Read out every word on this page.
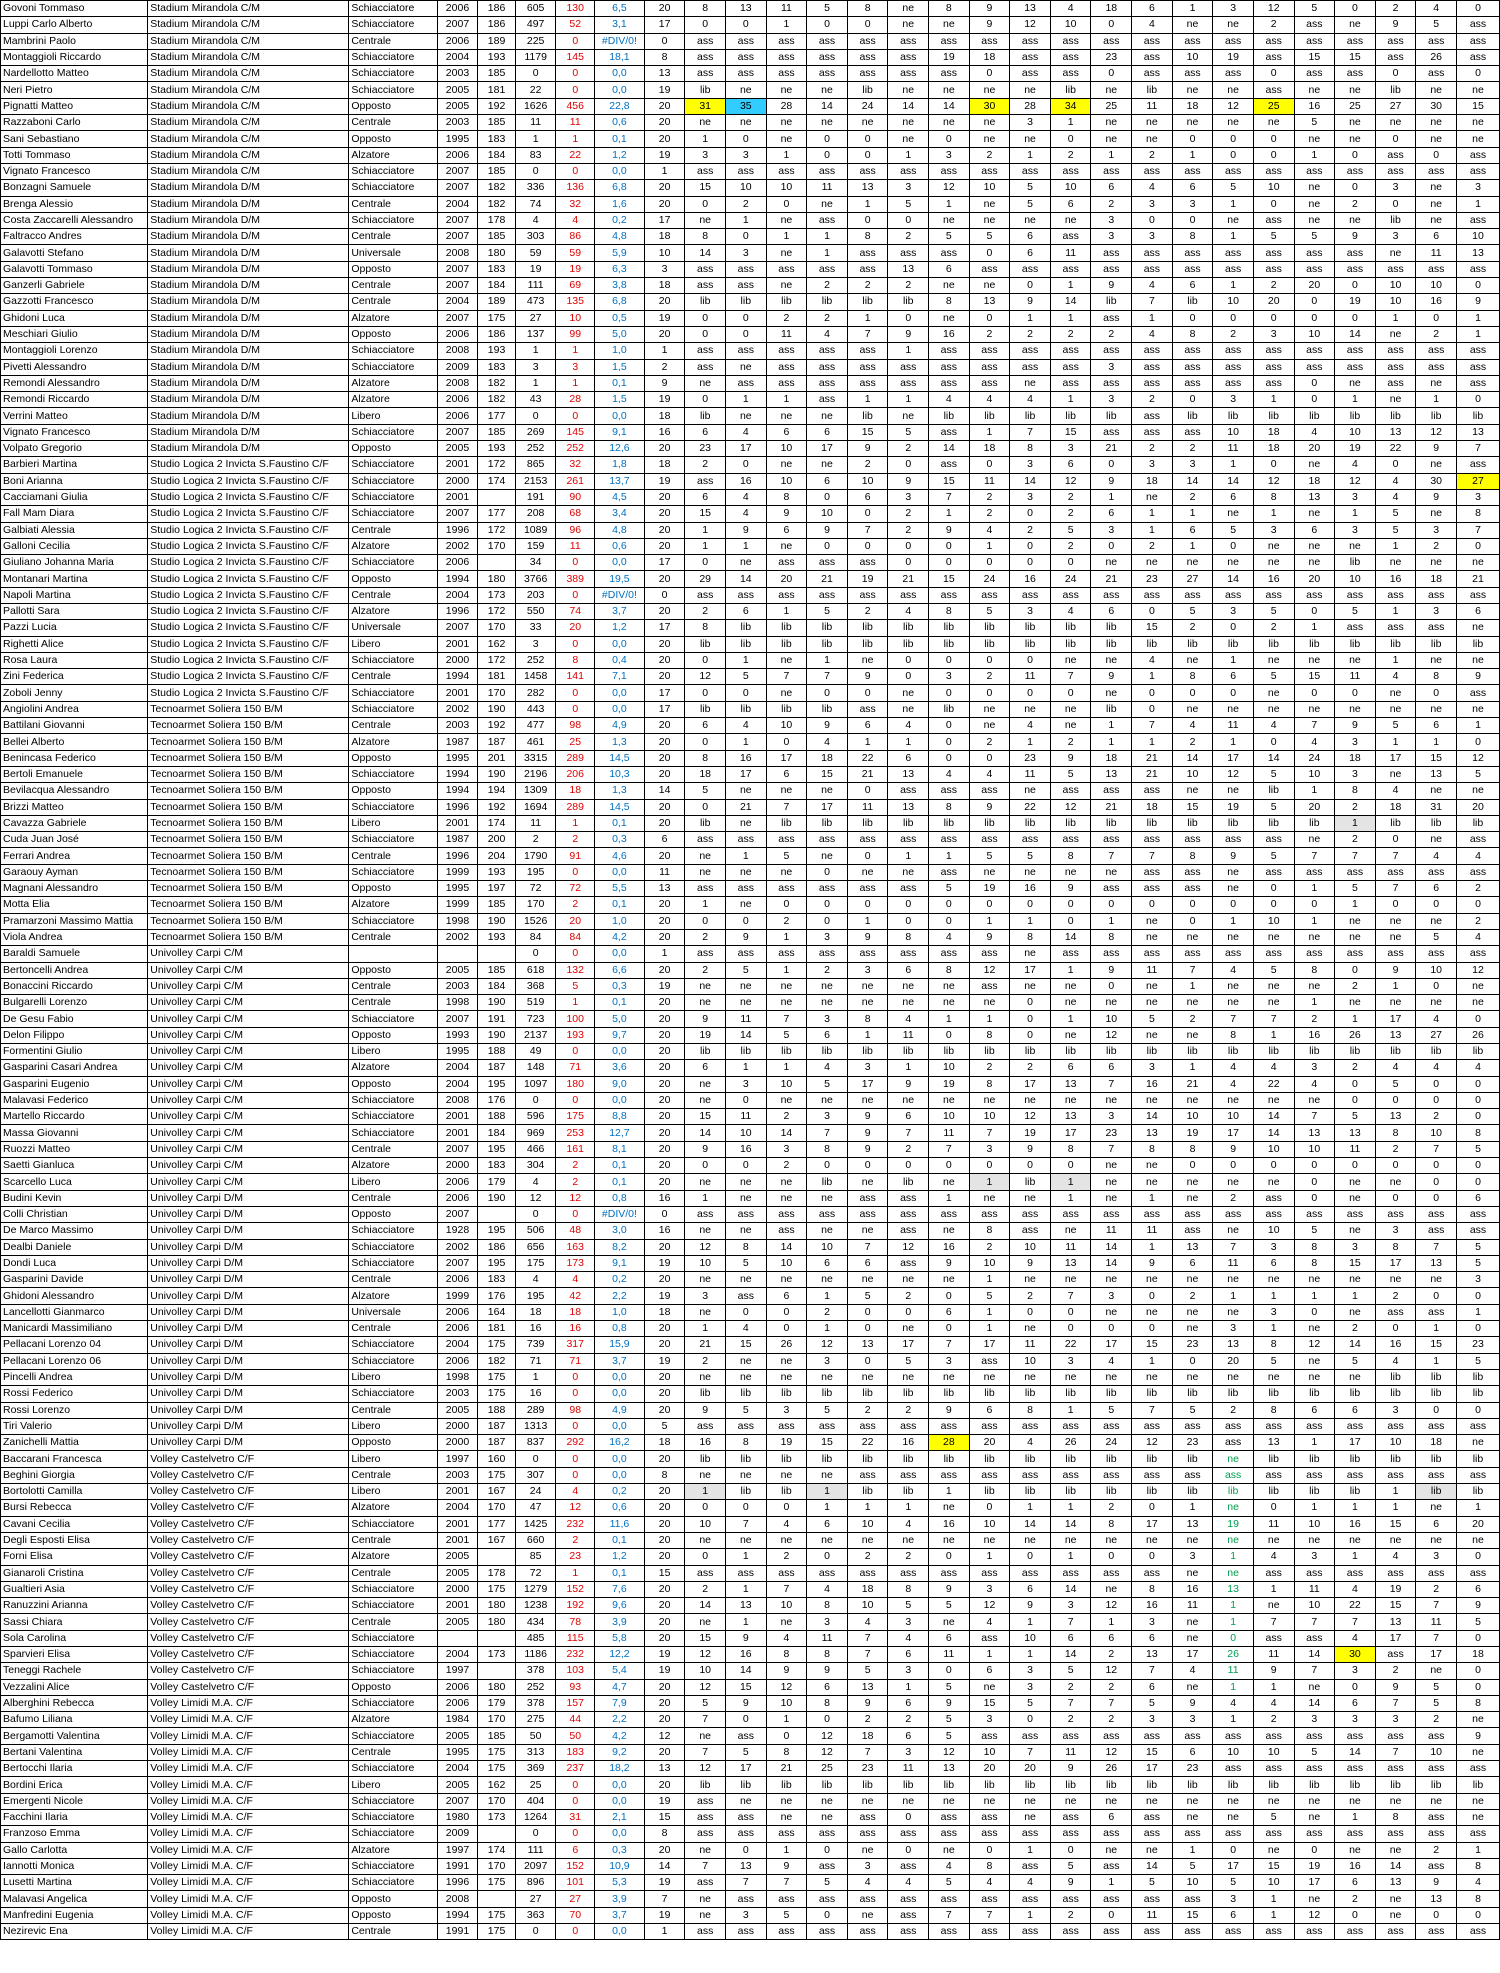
Govoni Tommaso	Stadium Mirandola C/M	Schiacciatore	2006	186	605	130	6,5	20	8	13	11	5	8	ne	8	9	13	4	18	6	1	3	12	5	0	2	4	0
Luppi Carlo Alberto	Stadium Mirandola C/M	Schiacciatore	2007	186	497	52	3,1	17	0	0	1	0	0	ne	ne	9	12	10	0	4	ne	ne	2	ass	ne	9	5	ass
Mambrini Paolo	Stadium Mirandola C/M	Centrale	2006	189	225	0	#DIV/0!	0	ass	ass	ass	ass	ass	ass	ass	ass	ass	ass	ass	ass	ass	ass	ass	ass	ass	ass	ass	ass
Montaggioli Riccardo	Stadium Mirandola C/M	Schiacciatore	2004	193	1179	145	18,1	8	ass	ass	ass	ass	ass	ass	19	18	ass	ass	23	ass	10	19	ass	15	15	ass	26	ass
Nardellotto Matteo	Stadium Mirandola C/M	Schiacciatore	2003	185	0	0	0,0	13	ass	ass	ass	ass	ass	ass	ass	0	ass	ass	0	ass	ass	ass	0	ass	ass	0	ass	0
Neri Pietro	Stadium Mirandola C/M	Schiacciatore	2005	181	22	0	0,0	19	lib	ne	ne	ne	lib	ne	ne	ne	ne	lib	ne	lib	ne	ne	ass	ne	ne	lib	ne	ne
Pignatti Matteo	Stadium Mirandola C/M	Opposto	2005	192	1626	456	22,8	20	31	35	28	14	24	14	14	30	28	34	25	11	18	12	25	16	25	27	30	15
Razzaboni Carlo	Stadium Mirandola C/M	Centrale	2003	185	11	11	0,6	20	ne	ne	ne	ne	ne	ne	ne	ne	3	1	ne	ne	ne	ne	ne	5	ne	ne	ne	ne
Sani Sebastiano	Stadium Mirandola C/M	Opposto	1995	183	1	1	0,1	20	1	0	ne	0	0	ne	0	ne	ne	0	ne	ne	0	0	0	ne	ne	0	ne	ne
Totti Tommaso	Stadium Mirandola C/M	Alzatore	2006	184	83	22	1,2	19	3	3	1	0	0	1	3	2	1	2	1	2	1	0	0	1	0	ass	0	ass
Vignato Francesco	Stadium Mirandola C/M	Schiacciatore	2007	185	0	0	0,0	1	ass	ass	ass	ass	ass	ass	ass	ass	ass	ass	ass	ass	ass	ass	ass	ass	ass	ass	ass	ass
Bonzagni Samuele	Stadium Mirandola D/M	Schiacciatore	2007	182	336	136	6,8	20	15	10	10	11	13	3	12	10	5	10	6	4	6	5	10	ne	0	3	ne	3
Brenga Alessio	Stadium Mirandola D/M	Centrale	2004	182	74	32	1,6	20	0	2	0	ne	1	5	1	ne	5	6	2	3	3	1	0	ne	2	0	ne	1
Costa Zaccarelli Alessandro	Stadium Mirandola D/M	Schiacciatore	2007	178	4	4	0,2	17	ne	1	ne	ass	0	0	ne	ne	ne	ne	3	0	0	ne	ass	ne	ne	lib	ne	ass
Faltracco Andres	Stadium Mirandola D/M	Centrale	2007	185	303	86	4,8	18	8	0	1	1	8	2	5	5	6	ass	3	3	8	1	5	5	9	3	6	10
Galavotti Stefano	Stadium Mirandola D/M	Universale	2008	180	59	59	5,9	10	14	3	ne	1	ass	ass	ass	0	6	11	ass	ass	ass	ass	ass	ass	ass	ne	11	13
Galavotti Tommaso	Stadium Mirandola D/M	Opposto	2007	183	19	19	6,3	3	ass	ass	ass	ass	ass	13	6	ass	ass	ass	ass	ass	ass	ass	ass	ass	ass	ass	ass	ass
Ganzerli Gabriele	Stadium Mirandola D/M	Centrale	2007	184	111	69	3,8	18	ass	ass	ne	2	2	2	ne	ne	0	1	9	4	6	1	2	20	0	10	10	0
Gazzotti Francesco	Stadium Mirandola D/M	Centrale	2004	189	473	135	6,8	20	lib	lib	lib	lib	lib	lib	8	13	9	14	lib	7	lib	10	20	0	19	10	16	9
Ghidoni Luca	Stadium Mirandola D/M	Alzatore	2007	175	27	10	0,5	19	0	0	2	2	1	0	ne	0	1	1	ass	1	0	0	0	0	0	1	0	1
Meschiari Giulio	Stadium Mirandola D/M	Opposto	2006	186	137	99	5,0	20	0	0	11	4	7	9	16	2	2	2	2	4	8	2	3	10	14	ne	2	1
Montaggioli Lorenzo	Stadium Mirandola D/M	Schiacciatore	2008	193	1	1	1,0	1	ass	ass	ass	ass	ass	1	ass	ass	ass	ass	ass	ass	ass	ass	ass	ass	ass	ass	ass	ass
Pivetti Alessandro	Stadium Mirandola D/M	Schiacciatore	2009	183	3	3	1,5	2	ass	ne	ass	ass	ass	ass	ass	ass	ass	ass	3	ass	ass	ass	ass	ass	ass	ass	ass	ass
Remondi Alessandro	Stadium Mirandola D/M	Alzatore	2008	182	1	1	0,1	9	ne	ass	ass	ass	ass	ass	ass	ass	ne	ass	ass	ass	ass	ass	ass	0	ne	ass	ne	ass
Remondi Riccardo	Stadium Mirandola D/M	Alzatore	2006	182	43	28	1,5	19	0	1	1	ass	1	1	4	4	4	1	3	2	0	3	1	0	1	ne	1	0
Verrini Matteo	Stadium Mirandola D/M	Libero	2006	177	0	0	0,0	18	lib	ne	ne	ne	lib	ne	lib	lib	lib	lib	lib	ass	lib	lib	lib	lib	lib	lib	lib	lib
Vignato Francesco	Stadium Mirandola D/M	Schiacciatore	2007	185	269	145	9,1	16	6	4	6	6	15	5	ass	1	7	15	ass	ass	ass	10	18	4	10	13	12	13
Volpato Gregorio	Stadium Mirandola D/M	Opposto	2005	193	252	252	12,6	20	23	17	10	17	9	2	14	18	8	3	21	2	2	11	18	20	19	22	9	7
Barbieri Martina	Studio Logica 2 Invicta S.Faustino C/F	Schiacciatore	2001	172	865	32	1,8	18	2	0	ne	ne	2	0	ass	0	3	6	0	3	3	1	0	ne	4	0	ne	ass
Boni Arianna	Studio Logica 2 Invicta S.Faustino C/F	Schiacciatore	2000	174	2153	261	13,7	19	ass	16	10	6	10	9	15	11	14	12	9	18	14	14	12	18	12	4	30	27
Cacciamani Giulia	Studio Logica 2 Invicta S.Faustino C/F	Schiacciatore	2001		191	90	4,5	20	6	4	8	0	6	3	7	2	3	2	1	ne	2	6	8	13	3	4	9	3
Fall Mam Diara	Studio Logica 2 Invicta S.Faustino C/F	Schiacciatore	2007	177	208	68	3,4	20	15	4	9	10	0	2	1	2	0	2	6	1	1	ne	1	ne	1	5	ne	8
Galbiati Alessia	Studio Logica 2 Invicta S.Faustino C/F	Centrale	1996	172	1089	96	4,8	20	1	9	6	9	7	2	9	4	2	5	3	1	6	5	3	6	3	5	3	7
Galloni Cecilia	Studio Logica 2 Invicta S.Faustino C/F	Alzatore	2002	170	159	11	0,6	20	1	1	ne	0	0	0	0	1	0	2	0	2	1	0	ne	ne	ne	1	2	0
Giuliano Johanna Maria	Studio Logica 2 Invicta S.Faustino C/F	Schiacciatore	2006		34	0	0,0	17	0	ne	ass	ass	ass	0	0	0	0	0	ne	ne	ne	ne	ne	ne	lib	ne	ne	ne
Montanari Martina	Studio Logica 2 Invicta S.Faustino C/F	Opposto	1994	180	3766	389	19,5	20	29	14	20	21	19	21	15	24	16	24	21	23	27	14	16	20	10	16	18	21
Napoli Martina	Studio Logica 2 Invicta S.Faustino C/F	Centrale	2004	173	203	0	#DIV/0!	0	ass	ass	ass	ass	ass	ass	ass	ass	ass	ass	ass	ass	ass	ass	ass	ass	ass	ass	ass	ass
Pallotti Sara	Studio Logica 2 Invicta S.Faustino C/F	Alzatore	1996	172	550	74	3,7	20	2	6	1	5	2	4	8	5	3	4	6	0	5	3	5	0	5	1	3	6
Pazzi Lucia	Studio Logica 2 Invicta S.Faustino C/F	Universale	2007	170	33	20	1,2	17	8	lib	lib	lib	lib	lib	lib	lib	lib	lib	lib	15	2	0	2	1	ass	ass	ass	ne
Righetti Alice	Studio Logica 2 Invicta S.Faustino C/F	Libero	2001	162	3	0	0,0	20	lib	lib	lib	lib	lib	lib	lib	lib	lib	lib	lib	lib	lib	lib	lib	lib	lib	lib	lib	lib
Rosa Laura	Studio Logica 2 Invicta S.Faustino C/F	Schiacciatore	2000	172	252	8	0,4	20	0	1	ne	1	ne	0	0	0	0	ne	ne	4	ne	1	ne	ne	ne	1	ne	ne
Zini Federica	Studio Logica 2 Invicta S.Faustino C/F	Centrale	1994	181	1458	141	7,1	20	12	5	7	7	9	0	3	2	11	7	9	1	8	6	5	15	11	4	8	9
Zoboli Jenny	Studio Logica 2 Invicta S.Faustino C/F	Schiacciatore	2001	170	282	0	0,0	17	0	0	ne	0	0	ne	0	0	0	0	ne	0	0	0	ne	0	0	ne	0	ass
Angiolini Andrea	Tecnoarmet Soliera 150 B/M	Schiacciatore	2002	190	443	0	0,0	17	lib	lib	lib	lib	ass	ne	lib	ne	ne	ne	lib	0	ne	ne	ne	ne	ne	ne	ne	ne
Battilani Giovanni	Tecnoarmet Soliera 150 B/M	Centrale	2003	192	477	98	4,9	20	6	4	10	9	6	4	0	ne	4	ne	1	7	4	11	4	7	9	5	6	1
Bellei Alberto	Tecnoarmet Soliera 150 B/M	Alzatore	1987	187	461	25	1,3	20	0	1	0	4	1	1	0	2	1	2	1	1	2	1	0	4	3	1	1	0
Benincasa Federico	Tecnoarmet Soliera 150 B/M	Opposto	1995	201	3315	289	14,5	20	8	16	17	18	22	6	0	0	23	9	18	21	14	17	14	24	18	17	15	12
Bertoli Emanuele	Tecnoarmet Soliera 150 B/M	Schiacciatore	1994	190	2196	206	10,3	20	18	17	6	15	21	13	4	4	11	5	13	21	10	12	5	10	3	ne	13	5
Bevilacqua Alessandro	Tecnoarmet Soliera 150 B/M	Opposto	1994	194	1309	18	1,3	14	5	ne	ne	ne	0	ass	ass	ass	ne	ass	ass	ass	ne	ne	lib	1	8	4	ne	ne
Brizzi Matteo	Tecnoarmet Soliera 150 B/M	Schiacciatore	1996	192	1694	289	14,5	20	0	21	7	17	11	13	8	9	22	12	21	18	15	19	5	20	2	18	31	20
Cavazza Gabriele	Tecnoarmet Soliera 150 B/M	Libero	2001	174	11	1	0,1	20	lib	ne	lib	lib	lib	lib	lib	lib	lib	lib	lib	lib	lib	lib	lib	lib	1	lib	lib	lib
Cuda Juan José	Tecnoarmet Soliera 150 B/M	Schiacciatore	1987	200	2	2	0,3	6	ass	ass	ass	ass	ass	ass	ass	ass	ass	ass	ass	ass	ass	ass	ass	ne	2	0	ne	ass
Ferrari Andrea	Tecnoarmet Soliera 150 B/M	Centrale	1996	204	1790	91	4,6	20	ne	1	5	ne	0	1	1	5	5	8	7	7	8	9	5	7	7	7	4	4
Garaouy Ayman	Tecnoarmet Soliera 150 B/M	Schiacciatore	1999	193	195	0	0,0	11	ne	ne	ne	0	ne	ne	ass	ne	ne	ne	ne	ass	ass	ne	ass	ass	ass	ass	ass	ass
Magnani Alessandro	Tecnoarmet Soliera 150 B/M	Opposto	1995	197	72	72	5,5	13	ass	ass	ass	ass	ass	ass	5	19	16	9	ass	ass	ass	ne	0	1	5	7	6	2
Motta Elia	Tecnoarmet Soliera 150 B/M	Alzatore	1999	185	170	2	0,1	20	1	ne	0	0	0	0	0	0	0	0	0	0	0	0	0	0	1	0	0	0
Pramarzoni Massimo Mattia	Tecnoarmet Soliera 150 B/M	Schiacciatore	1998	190	1526	20	1,0	20	0	0	2	0	1	0	0	1	1	0	1	ne	0	1	10	1	ne	ne	ne	2
Viola Andrea	Tecnoarmet Soliera 150 B/M	Centrale	2002	193	84	84	4,2	20	2	9	1	3	9	8	4	9	8	14	8	ne	ne	ne	ne	ne	ne	ne	5	4
Baraldi Samuele	Univolley Carpi C/M				0	0	0,0	1	ass	ass	ass	ass	ass	ass	ass	ass	ne	ass	ass	ass	ass	ass	ass	ass	ass	ass	ass	ass
Bertoncelli Andrea	Univolley Carpi C/M	Opposto	2005	185	618	132	6,6	20	2	5	1	2	3	6	8	12	17	1	9	11	7	4	5	8	0	9	10	12
Bonaccini Riccardo	Univolley Carpi C/M	Centrale	2003	184	368	5	0,3	19	ne	ne	ne	ne	ne	ne	ne	ass	ne	ne	0	ne	1	ne	ne	ne	2	1	0	ne
Bulgarelli Lorenzo	Univolley Carpi C/M	Centrale	1998	190	519	1	0,1	20	ne	ne	ne	ne	ne	ne	ne	ne	0	ne	ne	ne	ne	ne	ne	1	ne	ne	ne	ne
De Gesu Fabio	Univolley Carpi C/M	Schiacciatore	2007	191	723	100	5,0	20	9	11	7	3	8	4	1	1	0	1	10	5	2	7	7	2	1	17	4	0
Delon Filippo	Univolley Carpi C/M	Opposto	1993	190	2137	193	9,7	20	19	14	5	6	1	11	0	8	0	ne	12	ne	ne	8	1	16	26	13	27	26
Formentini Giulio	Univolley Carpi C/M	Libero	1995	188	49	0	0,0	20	lib	lib	lib	lib	lib	lib	lib	lib	lib	lib	lib	lib	lib	lib	lib	lib	lib	lib	lib	lib
Gasparini Casari Andrea	Univolley Carpi C/M	Alzatore	2004	187	148	71	3,6	20	6	1	1	4	3	1	10	2	2	6	6	3	1	4	4	3	2	4	4	4
Gasparini Eugenio	Univolley Carpi C/M	Opposto	2004	195	1097	180	9,0	20	ne	3	10	5	17	9	19	8	17	13	7	16	21	4	22	4	0	5	0	0
Malavasi Federico	Univolley Carpi C/M	Schiacciatore	2008	176	0	0	0,0	20	ne	0	ne	ne	ne	ne	ne	ne	ne	ne	ne	ne	ne	ne	ne	ne	0	0	0	0
Martello Riccardo	Univolley Carpi C/M	Schiacciatore	2001	188	596	175	8,8	20	15	11	2	3	9	6	10	10	12	13	3	14	10	10	14	7	5	13	2	0
Massa Giovanni	Univolley Carpi C/M	Schiacciatore	2001	184	969	253	12,7	20	14	10	14	7	9	7	11	7	19	17	23	13	19	17	14	13	13	8	10	8
Ruozzi Matteo	Univolley Carpi C/M	Centrale	2007	195	466	161	8,1	20	9	16	3	8	9	2	7	3	9	8	7	8	8	9	10	10	11	2	7	5
Saetti Gianluca	Univolley Carpi C/M	Alzatore	2000	183	304	2	0,1	20	0	0	2	0	0	0	0	0	0	0	ne	ne	0	0	0	0	0	0	0	0
Scarcello Luca	Univolley Carpi C/M	Libero	2006	179	4	2	0,1	20	ne	ne	ne	lib	ne	lib	ne	1	lib	1	ne	ne	ne	ne	ne	0	ne	ne	0	0
Budini Kevin	Univolley Carpi D/M	Centrale	2006	190	12	12	0,8	16	1	ne	ne	ne	ass	ass	1	ne	ne	1	ne	1	ne	2	ass	0	ne	0	0	6
Colli Christian	Univolley Carpi D/M	Opposto	2007		0	0	#DIV/0!	0	ass	ass	ass	ass	ass	ass	ass	ass	ass	ass	ass	ass	ass	ass	ass	ass	ass	ass	ass	ass
De Marco Massimo	Univolley Carpi D/M	Schiacciatore	1928	195	506	48	3,0	16	ne	ne	ass	ne	ne	ass	ne	8	ass	ne	11	11	ass	ne	10	5	ne	3	ass	ass
Dealbi Daniele	Univolley Carpi D/M	Schiacciatore	2002	186	656	163	8,2	20	12	8	14	10	7	12	16	2	10	11	14	1	13	7	3	8	3	8	7	5
Dondi Luca	Univolley Carpi D/M	Schiacciatore	2007	195	175	173	9,1	19	10	5	10	6	6	ass	9	10	9	13	14	9	6	11	6	8	15	17	13	5
Gasparini Davide	Univolley Carpi D/M	Centrale	2006	183	4	4	0,2	20	ne	ne	ne	ne	ne	ne	ne	1	ne	ne	ne	ne	ne	ne	ne	ne	ne	ne	ne	3
Ghidoni Alessandro	Univolley Carpi D/M	Alzatore	1999	176	195	42	2,2	19	3	ass	6	1	5	2	0	5	2	7	3	0	2	1	1	1	1	2	0	0
Lancellotti Gianmarco	Univolley Carpi D/M	Universale	2006	164	18	18	1,0	18	ne	0	0	2	0	0	6	1	0	0	ne	ne	ne	ne	3	0	ne	ass	ass	1
Manicardi Massimiliano	Univolley Carpi D/M	Centrale	2006	181	16	16	0,8	20	1	4	0	1	0	ne	0	1	ne	0	0	0	ne	3	1	ne	2	0	1	0
Pellacani Lorenzo 04	Univolley Carpi D/M	Schiacciatore	2004	175	739	317	15,9	20	21	15	26	12	13	17	7	17	11	22	17	15	23	13	8	12	14	16	15	23
Pellacani Lorenzo 06	Univolley Carpi D/M	Schiacciatore	2006	182	71	71	3,7	19	2	ne	ne	3	0	5	3	ass	10	3	4	1	0	20	5	ne	5	4	1	5
Pincelli Andrea	Univolley Carpi D/M	Libero	1998	175	1	0	0,0	20	ne	ne	ne	ne	ne	ne	ne	ne	ne	ne	ne	ne	ne	ne	ne	ne	ne	lib	lib	lib
Rossi Federico	Univolley Carpi D/M	Schiacciatore	2003	175	16	0	0,0	20	lib	lib	lib	lib	lib	lib	lib	lib	lib	lib	lib	lib	lib	lib	lib	lib	lib	lib	lib	lib
Rossi Lorenzo	Univolley Carpi D/M	Centrale	2005	188	289	98	4,9	20	9	5	3	5	2	2	9	6	8	1	5	7	5	2	8	6	6	3	0	0
Tiri Valerio	Univolley Carpi D/M	Libero	2000	187	1313	0	0,0	5	ass	ass	ass	ass	ass	ass	ass	ass	ass	ass	ass	ass	ass	ass	ass	ass	ass	ass	ass	ass
Zanichelli Mattia	Univolley Carpi D/M	Opposto	2000	187	837	292	16,2	18	16	8	19	15	22	16	28	20	4	26	24	12	23	ass	13	1	17	10	18	ne
Baccarani Francesca	Volley Castelvetro C/F	Libero	1997	160	0	0	0,0	20	lib	lib	lib	lib	lib	lib	lib	lib	lib	lib	lib	lib	lib	ne	lib	lib	lib	lib	lib	lib
Beghini Giorgia	Volley Castelvetro C/F	Centrale	2003	175	307	0	0,0	8	ne	ne	ne	ne	ass	ass	ass	ass	ass	ass	ass	ass	ass	ass	ass	ass	ass	ass	ass	ass
Bortolotti Camilla	Volley Castelvetro C/F	Libero	2001	167	24	4	0,2	20	1	lib	lib	1	lib	lib	1	lib	lib	lib	lib	lib	lib	lib	lib	lib	lib	1	lib	lib
Bursi Rebecca	Volley Castelvetro C/F	Alzatore	2004	170	47	12	0,6	20	0	0	0	1	1	1	ne	0	1	1	2	0	1	ne	0	1	1	1	ne	1
Cavani Cecilia	Volley Castelvetro C/F	Schiacciatore	2001	177	1425	232	11,6	20	10	7	4	6	10	4	16	10	14	14	8	17	13	19	11	10	16	15	6	20
Degli Esposti Elisa	Volley Castelvetro C/F	Centrale	2001	167	660	2	0,1	20	ne	ne	ne	ne	ne	ne	ne	ne	ne	ne	ne	ne	ne	ne	ne	ne	ne	ne	ne	ne
Forni Elisa	Volley Castelvetro C/F	Alzatore	2005		85	23	1,2	20	0	1	2	0	2	2	0	1	0	1	0	0	3	1	4	3	1	4	3	0
Gianaroli Cristina	Volley Castelvetro C/F	Centrale	2005	178	72	1	0,1	15	ass	ass	ass	ass	ass	ass	ass	ass	ass	ass	ass	ass	ne	ne	ass	ass	ass	ass	ass	ass
Gualtieri Asia	Volley Castelvetro C/F	Schiacciatore	2000	175	1279	152	7,6	20	2	1	7	4	18	8	9	3	6	14	ne	8	16	13	1	11	4	19	2	6
Ranuzzini Arianna	Volley Castelvetro C/F	Schiacciatore	2001	180	1238	192	9,6	20	14	13	10	8	10	5	5	12	9	3	12	16	11	1	ne	10	22	15	7	9
Sassi Chiara	Volley Castelvetro C/F	Centrale	2005	180	434	78	3,9	20	ne	1	ne	3	4	3	ne	4	1	7	1	3	ne	1	7	7	7	13	11	5
Sola Carolina	Volley Castelvetro C/F	Schiacciatore			485	115	5,8	20	15	9	4	11	7	4	6	ass	10	6	6	6	ne	0	ass	ass	4	17	7	0
Sparvieri Elisa	Volley Castelvetro C/F	Schiacciatore	2004	173	1186	232	12,2	19	12	16	8	8	7	6	11	1	1	14	2	13	17	26	11	14	30	ass	17	18
Teneggi Rachele	Volley Castelvetro C/F	Schiacciatore	1997		378	103	5,4	19	10	14	9	9	5	3	0	6	3	5	12	7	4	11	9	7	3	2	ne	0
Vezzalini Alice	Volley Castelvetro C/F	Opposto	2006	180	252	93	4,7	20	12	15	12	6	13	1	5	ne	3	2	2	6	ne	1	1	ne	0	9	5	0
Alberghini Rebecca	Volley Limidi M.A. C/F	Schiacciatore	2006	179	378	157	7,9	20	5	9	10	8	9	6	9	15	5	7	7	5	9	4	4	14	6	7	5	8
Bafumo Liliana	Volley Limidi M.A. C/F	Alzatore	1984	170	275	44	2,2	20	7	0	1	0	2	2	5	3	0	2	2	3	3	1	2	3	3	3	2	ne
Bergamotti Valentina	Volley Limidi M.A. C/F	Schiacciatore	2005	185	50	50	4,2	12	ne	ass	0	12	18	6	5	ass	ass	ass	ass	ass	ass	ass	ass	ass	ass	ass	ass	9
Bertani Valentina	Volley Limidi M.A. C/F	Centrale	1995	175	313	183	9,2	20	7	5	8	12	7	3	12	10	7	11	12	15	6	10	10	5	14	7	10	ne
Bertocchi Ilaria	Volley Limidi M.A. C/F	Schiacciatore	2004	175	369	237	18,2	13	12	17	21	25	23	11	13	20	20	9	26	17	23	ass	ass	ass	ass	ass	ass	ass
Bordini Erica	Volley Limidi M.A. C/F	Libero	2005	162	25	0	0,0	20	lib	lib	lib	lib	lib	lib	lib	lib	lib	lib	lib	lib	lib	lib	lib	lib	lib	lib	lib	lib
Emergenti Nicole	Volley Limidi M.A. C/F	Schiacciatore	2007	170	404	0	0,0	19	ass	ne	ne	ne	ne	ne	ne	ne	ne	ne	ne	ne	ne	ne	ne	ne	ne	ne	ne	ne
Facchini Ilaria	Volley Limidi M.A. C/F	Schiacciatore	1980	173	1264	31	2,1	15	ass	ass	ne	ne	ass	0	ass	ass	ne	ass	6	ass	ne	ne	5	ne	1	8	ass	ne
Franzoso Emma	Volley Limidi M.A. C/F	Schiacciatore	2009		0	0	0,0	8	ass	ass	ass	ass	ass	ass	ass	ass	ass	ass	ass	ass	ass	ass	ass	ass	ass	ass	ass	ass
Gallo Carlotta	Volley Limidi M.A. C/F	Alzatore	1997	174	111	6	0,3	20	ne	0	1	0	ne	0	ne	0	1	0	ne	ne	1	0	ne	0	ne	ne	2	1
Iannotti Monica	Volley Limidi M.A. C/F	Schiacciatore	1991	170	2097	152	10,9	14	7	13	9	ass	3	ass	4	8	ass	5	ass	14	5	17	15	19	16	14	ass	8
Lusetti Martina	Volley Limidi M.A. C/F	Schiacciatore	1996	175	896	101	5,3	19	ass	7	7	5	4	4	5	4	4	9	1	5	10	5	10	17	6	13	9	4
Malavasi Angelica	Volley Limidi M.A. C/F	Opposto	2008		27	27	3,9	7	ne	ass	ass	ass	ass	ass	ass	ass	ass	ass	ass	ass	ass	3	1	ne	2	ne	13	8
Manfredini Eugenia	Volley Limidi M.A. C/F	Opposto	1994	175	363	70	3,7	19	ne	3	5	0	ne	ass	7	7	1	2	0	11	15	6	1	12	0	ne	0	0
Nezirevic Ena	Volley Limidi M.A. C/F	Centrale	1991	175	0	0	0,0	1	ass	ass	ass	ass	ass	ass	ass	ass	ass	ass	ass	ass	ass	ass	ass	ass	ass	ass	ass	ass
